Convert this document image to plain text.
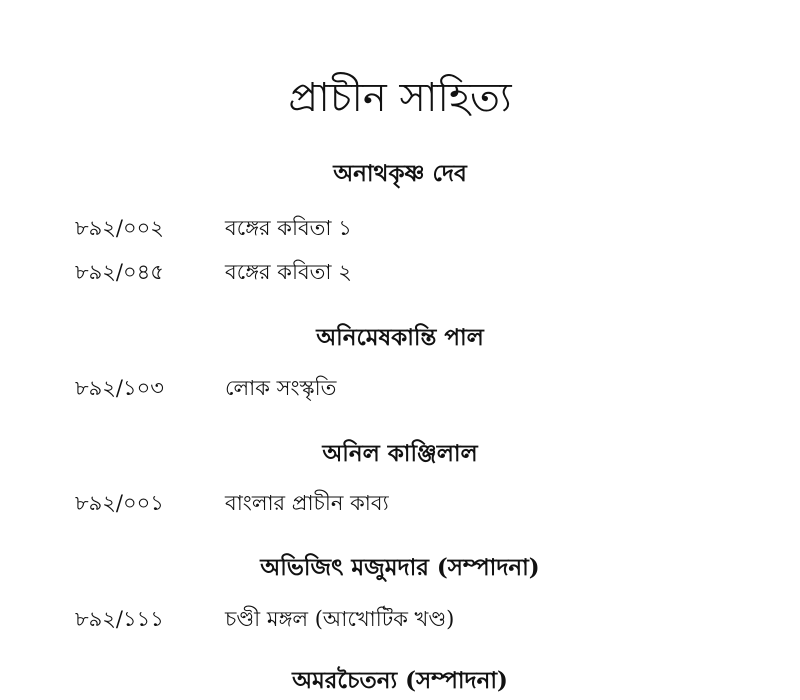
প্রাচীন সাহিত্য
অনাথকৃষ্ণ দেব
৮৯২/০০২	বঙ্গের কবিতা ১
৮৯২/০৪৫	বঙ্গের কবিতা ২
অনিমেষকান্তি পাল
৮৯২/১০৩	লোক সংস্কৃতি
অনিল কাঞ্জিলাল
৮৯২/০০১	বাংলার প্রাচীন কাব্য
অভিজিৎ মজুমদার (সম্পাদনা)
৮৯২/১১১	চণ্ডী মঙ্গল (আখোটিক খণ্ড)
অমরচৈতন্য (সম্পাদনা)
